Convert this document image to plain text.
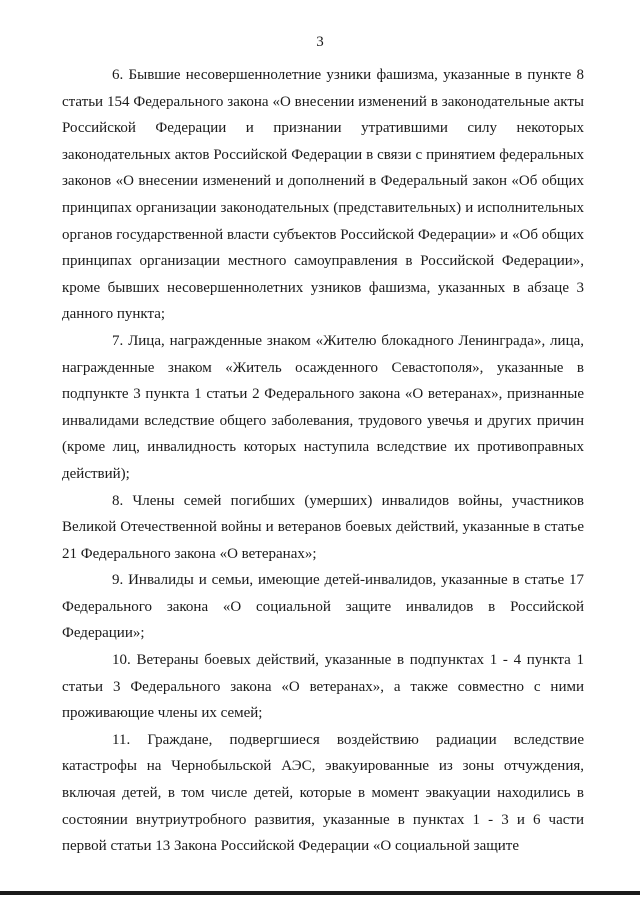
3

6. Бывшие несовершеннолетние узники фашизма, указанные в пункте 8 статьи 154 Федерального закона «О внесении изменений в законодательные акты Российской Федерации и признании утратившими силу некоторых законодательных актов Российской Федерации в связи с принятием федеральных законов «О внесении изменений и дополнений в Федеральный закон «Об общих принципах организации законодательных (представительных) и исполнительных органов государственной власти субъектов Российской Федерации» и «Об общих принципах организации местного самоуправления в Российской Федерации», кроме бывших несовершеннолетних узников фашизма, указанных в абзаце 3 данного пункта;

7. Лица, награжденные знаком «Жителю блокадного Ленинграда», лица, награжденные знаком «Житель осажденного Севастополя», указанные в подпункте 3 пункта 1 статьи 2 Федерального закона «О ветеранах», признанные инвалидами вследствие общего заболевания, трудового увечья и других причин (кроме лиц, инвалидность которых наступила вследствие их противоправных действий);

8. Члены семей погибших (умерших) инвалидов войны, участников Великой Отечественной войны и ветеранов боевых действий, указанные в статье 21 Федерального закона «О ветеранах»;

9. Инвалиды и семьи, имеющие детей-инвалидов, указанные в статье 17 Федерального закона «О социальной защите инвалидов в Российской Федерации»;

10. Ветераны боевых действий, указанные в подпунктах 1 - 4 пункта 1 статьи 3 Федерального закона «О ветеранах», а также совместно с ними проживающие члены их семей;

11. Граждане, подвергшиеся воздействию радиации вследствие катастрофы на Чернобыльской АЭС, эвакуированные из зоны отчуждения, включая детей, в том числе детей, которые в момент эвакуации находились в состоянии внутриутробного развития, указанные в пунктах 1 - 3 и 6 части первой статьи 13 Закона Российской Федерации «О социальной защите
